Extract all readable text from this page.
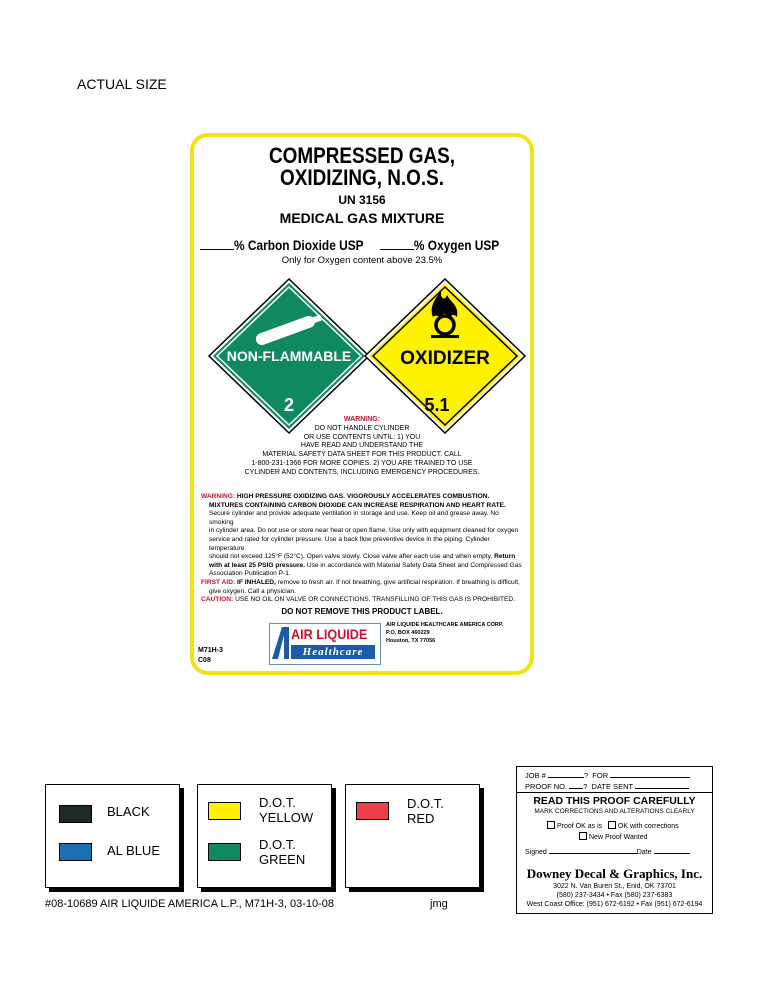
ACTUAL SIZE
COMPRESSED GAS,
OXIDIZING, N.O.S.
UN 3156
MEDICAL GAS MIXTURE
% Carbon Dioxide USP	% Oxygen USP
Only for Oxygen content above 23.5%
NON-FLAMMABLE
2
OXIDIZER
5.1
WARNING:
DO NOT HANDLE CYLINDER
OR USE CONTENTS UNTIL: 1) YOU
HAVE READ AND UNDERSTAND THE
MATERIAL SAFETY DATA SHEET FOR THIS PRODUCT. CALL
1-800-231-1366 FOR MORE COPIES. 2) YOU ARE TRAINED TO USE
CYLINDER AND CONTENTS, INCLUDING EMERGENCY PROCEDURES.
WARNING: HIGH PRESSURE OXIDIZING GAS. VIGOROUSLY ACCELERATES COMBUSTION.
MIXTURES CONTAINING CARBON DIOXIDE CAN INCREASE RESPIRATION AND HEART RATE.
Secure cylinder and provide adequate ventilation in storage and use. Keep oil and grease away. No smoking
in cylinder area. Do not use or store near heat or open flame. Use only with equipment cleaned for oxygen
service and rated for cylinder pressure. Use a back flow preventive device in the piping. Cylinder temperature
should not exceed 125°F (52°C). Open valve slowly. Close valve after each use and when empty. Return
with at least 25 PSIG pressure. Use in accordance with Material Safety Data Sheet and Compressed Gas
Association Publication P-1.
FIRST AID: IF INHALED, remove to fresh air. If not breathing, give artificial respiration. If breathing is difficult,
give oxygen. Call a physician.
CAUTION: USE NO OIL ON VALVE OR CONNECTIONS. TRANSFILLING OF THIS GAS IS PROHIBITED.
DO NOT REMOVE THIS PRODUCT LABEL.
M71H-3
C08
AIR LIQUIDE
Healthcare
AIR LIQUIDE HEALTHCARE AMERICA CORP.
P.O. BOX 460229
Houston, TX 77056
BLACK
AL BLUE
D.O.T.
YELLOW
D.O.T.
GREEN
D.O.T.
RED
#08-10689 AIR LIQUIDE AMERICA L.P., M71H-3, 03-10-08	jmg
JOB #	? FOR
PROOF NO. ? DATE SENT
READ THIS PROOF CAREFULLY
MARK CORRECTIONS AND ALTERATIONS CLEARLY
Proof OK as is OK with corrections
New Proof Wanted
Signed	Date
Downey Decal & Graphics, Inc.
3022 N. Van Buren St., Enid, OK 73701
(580) 237-3434 • Fax (580) 237-6383
West Coast Office: (951) 672-6192 • Fax (951) 672-6194
